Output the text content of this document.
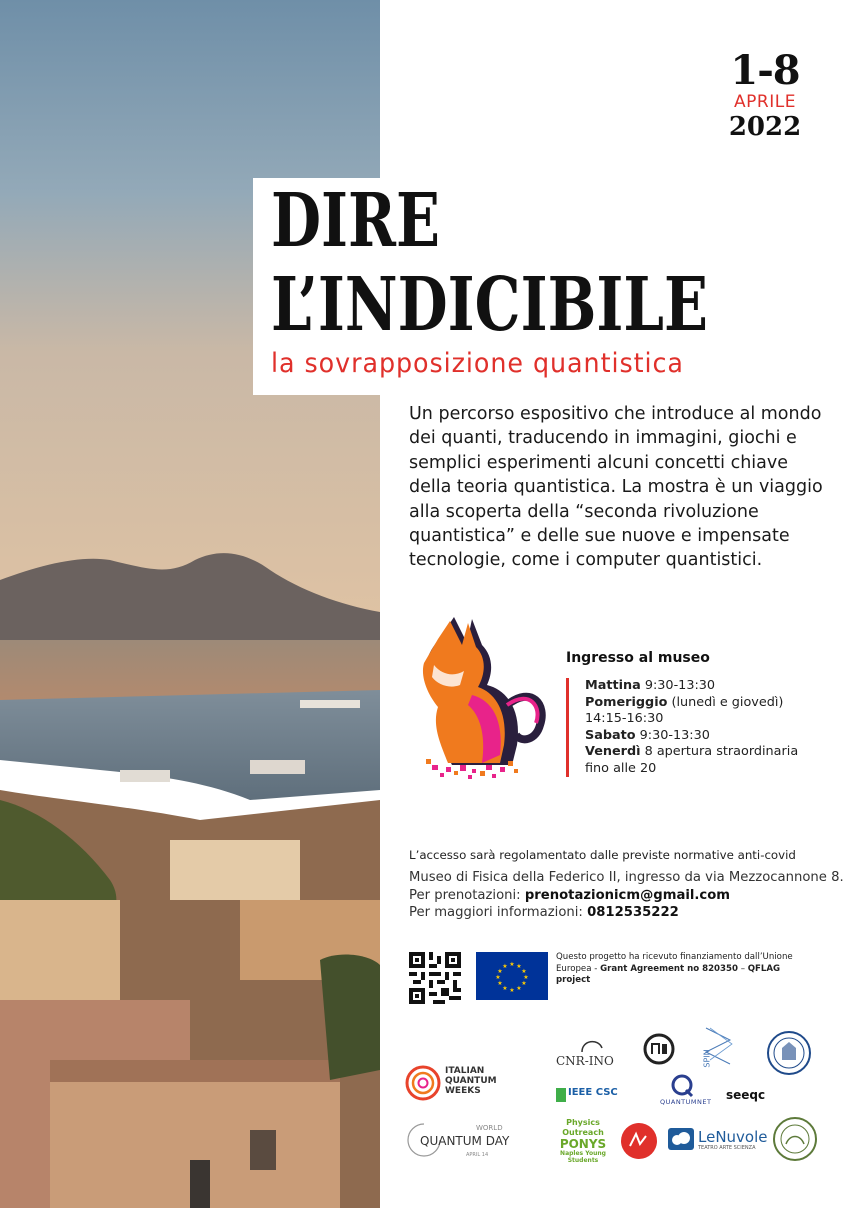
1-8
APRILE
2022
DIRE
L’INDICIBILE
la sovrapposizione quantistica
Un percorso espositivo che introduce al mondo dei quanti, traducendo in immagini, giochi e semplici esperimenti alcuni concetti chiave della teoria quantistica. La mostra è un viaggio alla scoperta della “seconda rivoluzione quantistica” e delle sue nuove e impensate tecnologie, come i computer quantistici.
Ingresso al museo
Mattina 9:30-13:30
Pomeriggio (lunedì e giovedì)
14:15-16:30
Sabato 9:30-13:30
Venerdì 8 apertura straordinaria
fino alle 20
L’accesso sarà regolamentato dalle previste normative anti-covid
Museo di Fisica della Federico II, ingresso da via Mezzocannone 8.
Per prenotazioni: prenotazionicm@gmail.com
Per maggiori informazioni: 0812535222
★ ★
★
★
★
★
★
★
★
★
★
★
Questo progetto ha ricevuto finanziamento dall’Unione Europea - Grant Agreement no 820350 – QFLAG project
ITALIAN
QUANTUM
WEEKS
WORLD
QUANTUM DAY
APRIL 14
CNR-INO	SPIN
IEEE CSC
QUANTUMNET seeqc
Physics
Outreach
PONYS
Naples Young
Students
LeNuvole
TEATRO ARTE SCIENZA
